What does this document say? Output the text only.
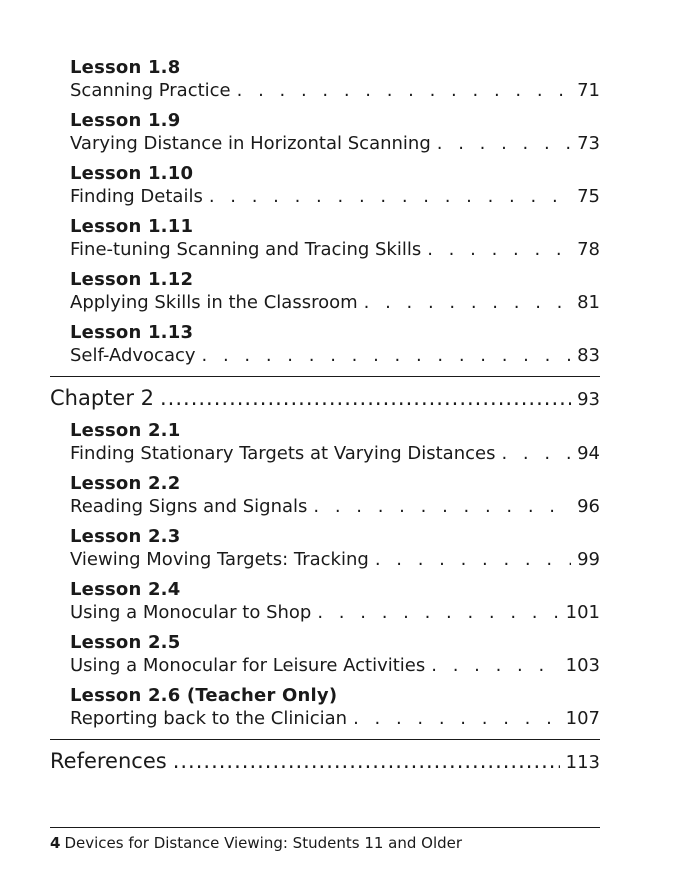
Lesson 1.8
Scanning Practice . . .	71
Lesson 1.9
Varying Distance in Horizontal Scanning . . .	73
Lesson 1.10
Finding Details . . .	75
Lesson 1.11
Fine-tuning Scanning and Tracing Skills . . .	78
Lesson 1.12
Applying Skills in the Classroom . . .	81
Lesson 1.13
Self-Advocacy . . .	83
Chapter 2 .....	93
Lesson 2.1
Finding Stationary Targets at Varying Distances . . .	94
Lesson 2.2
Reading Signs and Signals . . .	96
Lesson 2.3
Viewing Moving Targets: Tracking . . .	99
Lesson 2.4
Using a Monocular to Shop . . .	101
Lesson 2.5
Using a Monocular for Leisure Activities . . .	103
Lesson 2.6 (Teacher Only)
Reporting back to the Clinician . . .	107
References .....	113
4 Devices for Distance Viewing: Students 11 and Older
